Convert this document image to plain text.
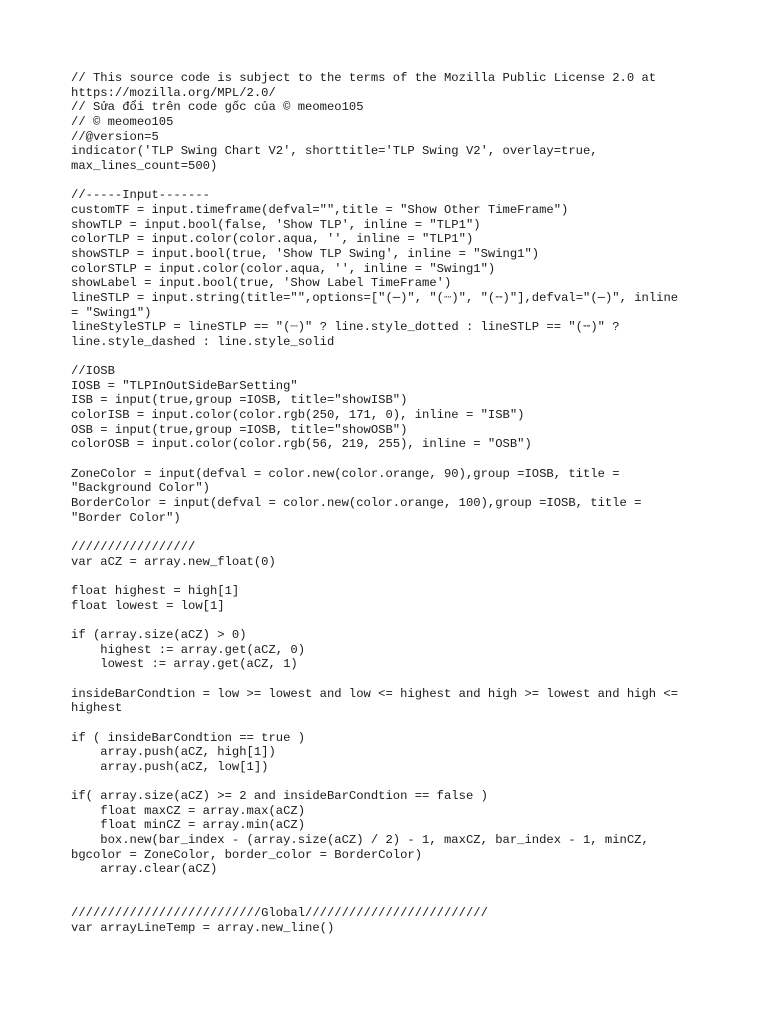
// This source code is subject to the terms of the Mozilla Public License 2.0 at
https://mozilla.org/MPL/2.0/
// Sửa đổi trên code gốc của © meomeo105
// © meomeo105
//@version=5
indicator('TLP Swing Chart V2', shorttitle='TLP Swing V2', overlay=true,
max_lines_count=500)

//-----Input-------
customTF = input.timeframe(defval="",title = "Show Other TimeFrame")
showTLP = input.bool(false, 'Show TLP', inline = "TLP1")
colorTLP = input.color(color.aqua, '', inline = "TLP1")
showSTLP = input.bool(true, 'Show TLP Swing', inline = "Swing1")
colorSTLP = input.color(color.aqua, '', inline = "Swing1")
showLabel = input.bool(true, 'Show Label TimeFrame')
lineSTLP = input.string(title="",options=["(─)", "(┈)", "(╌)"],defval="(─)", inline
= "Swing1")
lineStyleSTLP = lineSTLP == "(┈)" ? line.style_dotted : lineSTLP == "(╌)" ?
line.style_dashed : line.style_solid

//IOSB
IOSB = "TLPInOutSideBarSetting"
ISB = input(true,group =IOSB, title="showISB")
colorISB = input.color(color.rgb(250, 171, 0), inline = "ISB")
OSB = input(true,group =IOSB, title="showOSB")
colorOSB = input.color(color.rgb(56, 219, 255), inline = "OSB")

ZoneColor = input(defval = color.new(color.orange, 90),group =IOSB, title =
"Background Color")
BorderColor = input(defval = color.new(color.orange, 100),group =IOSB, title =
"Border Color")

/////////////////
var aCZ = array.new_float(0)

float highest = high[1]
float lowest = low[1]

if (array.size(aCZ) > 0)
highest := array.get(aCZ, 0)
lowest := array.get(aCZ, 1)

insideBarCondtion = low >= lowest and low <= highest and high >= lowest and high <=
highest

if ( insideBarCondtion == true )
array.push(aCZ, high[1])
array.push(aCZ, low[1])

if( array.size(aCZ) >= 2 and insideBarCondtion == false )
float maxCZ = array.max(aCZ)
float minCZ = array.min(aCZ)
box.new(bar_index - (array.size(aCZ) / 2) - 1, maxCZ, bar_index - 1, minCZ,
bgcolor = ZoneColor, border_color = BorderColor)
array.clear(aCZ)

//////////////////////////Global/////////////////////////
var arrayLineTemp = array.new_line()
